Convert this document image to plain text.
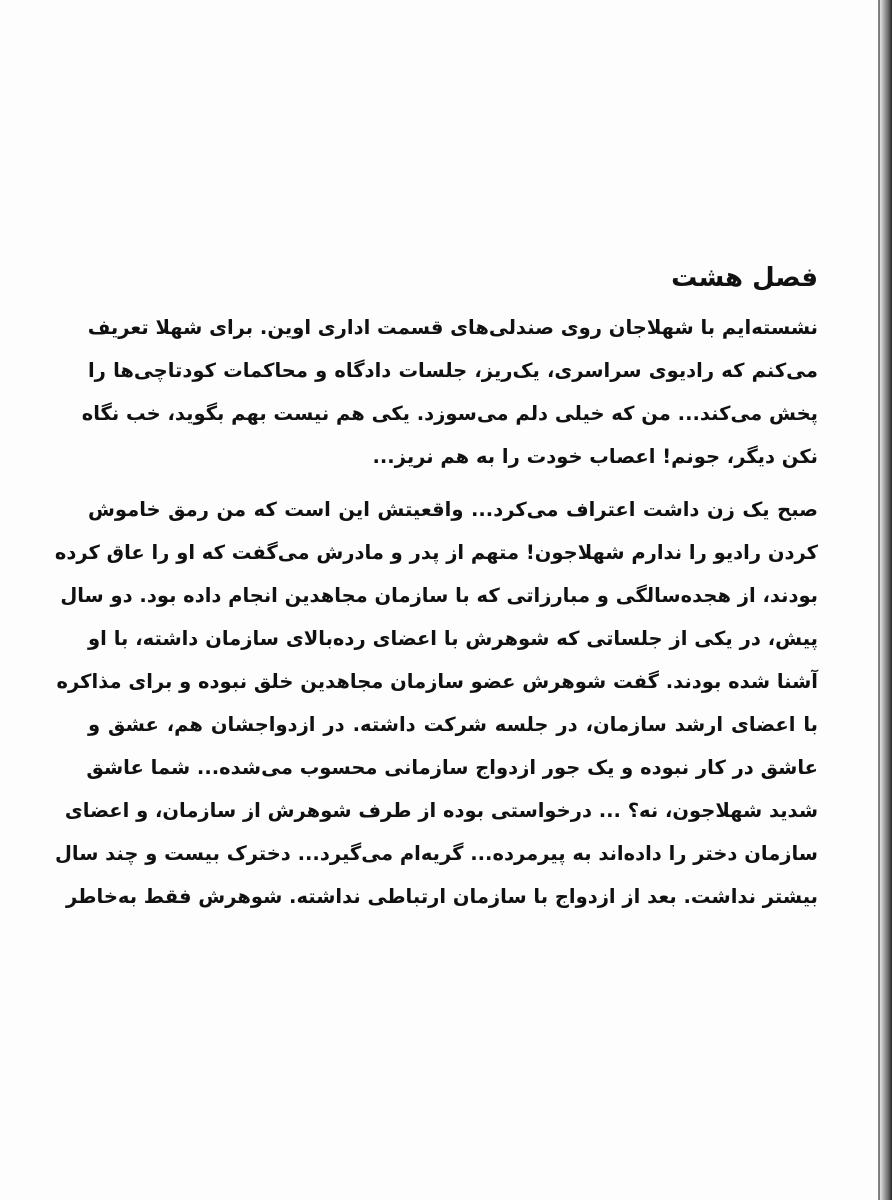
فصل هشت
نشسته‌ایم با شهلاجان روی صندلی‌های قسمت اداری اوین. برای شهلا تعریف
می‌کنم که رادیوی سراسری، یک‌ریز، جلسات دادگاه و محاکمات کودتاچی‌ها را
پخش می‌کند... من که خیلی دلم می‌سوزد. یکی هم نیست بهم بگوید، خب نگاه
نکن دیگر، جونم! اعصاب خودت را به هم نریز...
صبح یک زن داشت اعتراف می‌کرد... واقعیتش این است که من رمق خاموش
کردن رادیو را ندارم شهلاجون! متهم از پدر و مادرش می‌گفت که او را عاق کرده
بودند، از هجده‌سالگی و مبارزاتی که با سازمان مجاهدین انجام داده بود. دو سال
پیش، در یکی از جلساتی که شوهرش با اعضای رده‌بالای سازمان داشته، با او
آشنا شده بودند. گفت شوهرش عضو سازمان مجاهدین خلق نبوده و برای مذاکره
با اعضای ارشد سازمان، در جلسه شرکت داشته. در ازدواجشان هم، عشق و
عاشق در کار نبوده و یک جور ازدواج سازمانی محسوب می‌شده... شما عاشق
شدید شهلاجون، نه؟ ... درخواستی بوده از طرف شوهرش از سازمان، و اعضای
سازمان دختر را داده‌اند به پیرمرده... گریه‌ام می‌گیرد... دخترک بیست و چند سال
بیشتر نداشت. بعد از ازدواج با سازمان ارتباطی نداشته. شوهرش فقط به‌خاطر
